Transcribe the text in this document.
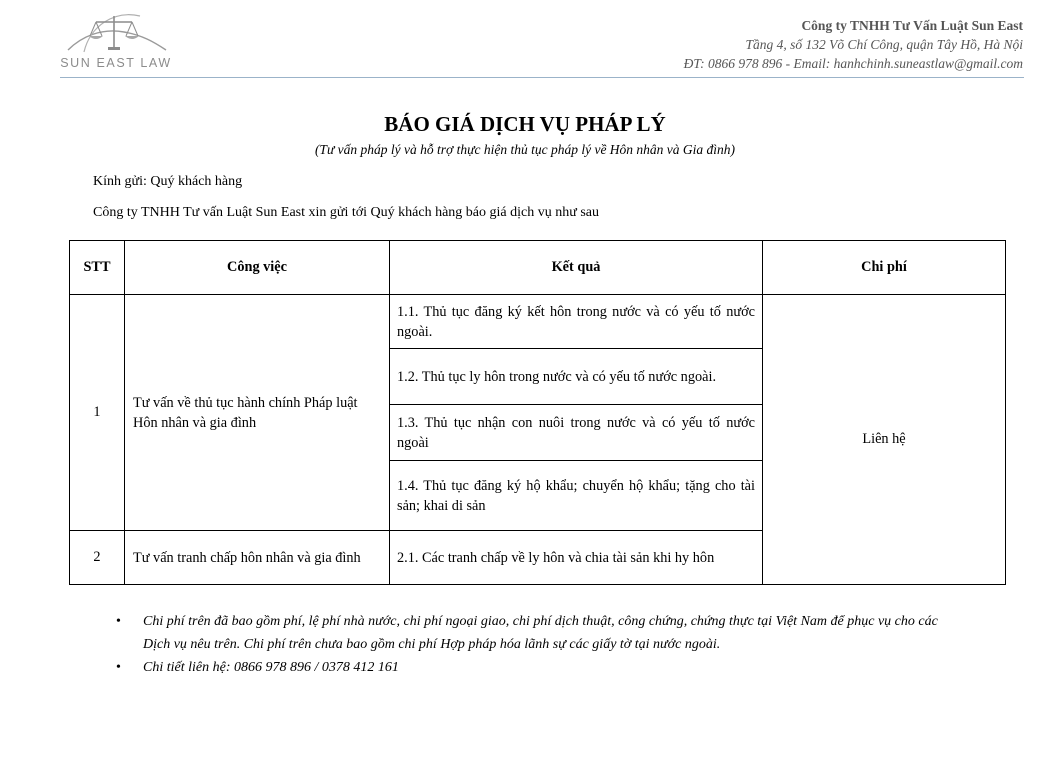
SUN EAST LAW
Công ty TNHH Tư Vấn Luật Sun East
Tầng 4, số 132 Võ Chí Công, quận Tây Hồ, Hà Nội
ĐT: 0866 978 896 - Email: hanhchinh.suneastlaw@gmail.com
BÁO GIÁ DỊCH VỤ PHÁP LÝ
(Tư vấn pháp lý và hỗ trợ thực hiện thủ tục pháp lý về Hôn nhân và Gia đình)
Kính gửi: Quý khách hàng
Công ty TNHH Tư vấn Luật Sun East xin gửi tới Quý khách hàng báo giá dịch vụ như sau
STT	Công việc	Kết quả	Chi phí
1	Tư vấn về thủ tục hành chính Pháp luật Hôn nhân và gia đình	1.1. Thủ tục đăng ký kết hôn trong nước và có yếu tố nước ngoài.	Liên hệ
		1.2. Thủ tục ly hôn trong nước và có yếu tố nước ngoài.	
		1.3. Thủ tục nhận con nuôi trong nước và có yếu tố nước ngoài	
		1.4. Thủ tục đăng ký hộ khẩu; chuyển hộ khẩu; tặng cho tài sản; khai di sản	
2	Tư vấn tranh chấp hôn nhân và gia đình	2.1. Các tranh chấp về ly hôn và chia tài sản khi hy hôn	
• Chi phí trên đã bao gồm phí, lệ phí nhà nước, chi phí ngoại giao, chi phí dịch thuật, công chứng, chứng thực tại Việt Nam để phục vụ cho các Dịch vụ nêu trên. Chi phí trên chưa bao gồm chi phí Hợp pháp hóa lãnh sự các giấy tờ tại nước ngoài.
• Chi tiết liên hệ: 0866 978 896 / 0378 412 161
